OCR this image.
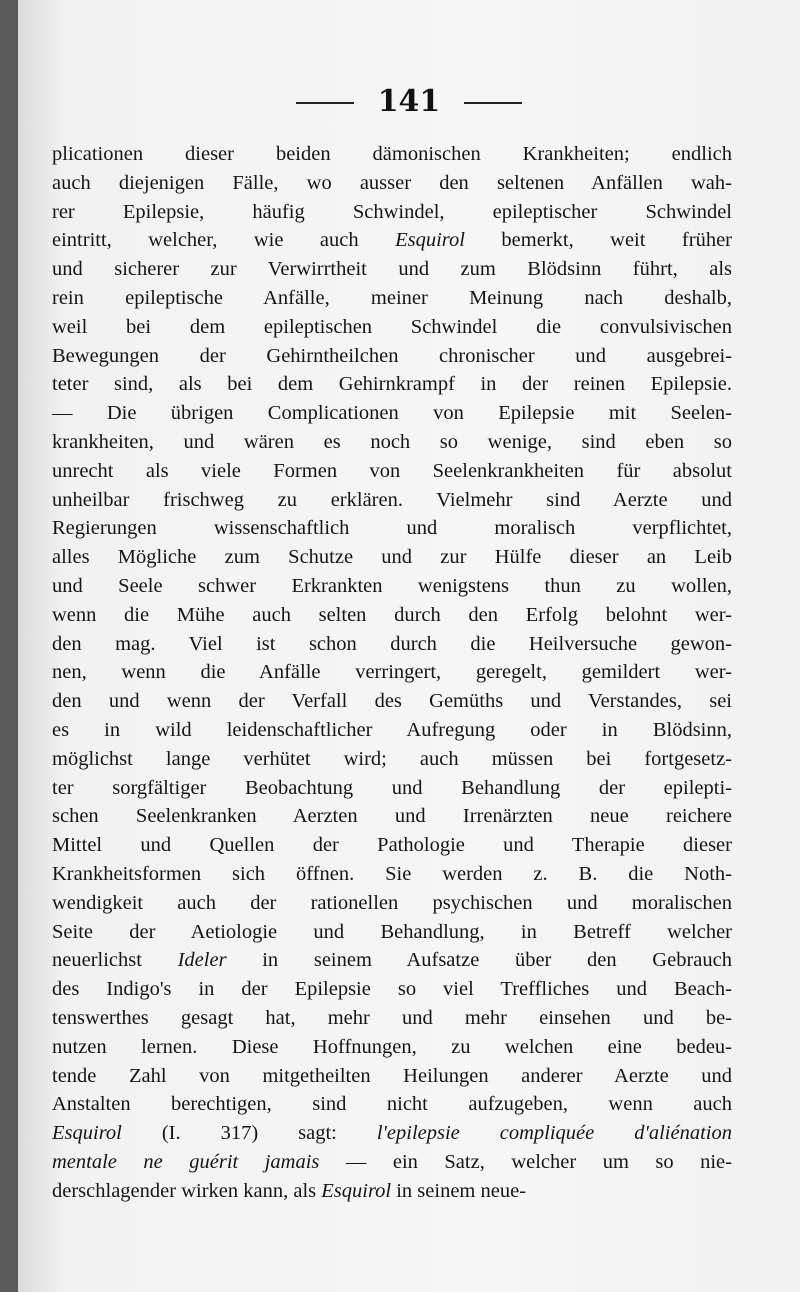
141
plicationen dieser beiden dämonischen Krankheiten; endlich
auch diejenigen Fälle, wo ausser den seltenen Anfällen wah-
rer Epilepsie, häufig Schwindel, epileptischer Schwindel
eintritt, welcher, wie auch Esquirol bemerkt, weit früher
und sicherer zur Verwirrtheit und zum Blödsinn führt, als
rein epileptische Anfälle, meiner Meinung nach deshalb,
weil bei dem epileptischen Schwindel die convulsivischen
Bewegungen der Gehirntheilchen chronischer und ausgebrei-
teter sind, als bei dem Gehirnkrampf in der reinen Epilepsie.
— Die übrigen Complicationen von Epilepsie mit Seelen-
krankheiten, und wären es noch so wenige, sind eben so
unrecht als viele Formen von Seelenkrankheiten für absolut
unheilbar frischweg zu erklären. Vielmehr sind Aerzte und
Regierungen wissenschaftlich und moralisch verpflichtet,
alles Mögliche zum Schutze und zur Hülfe dieser an Leib
und Seele schwer Erkrankten wenigstens thun zu wollen,
wenn die Mühe auch selten durch den Erfolg belohnt wer-
den mag. Viel ist schon durch die Heilversuche gewon-
nen, wenn die Anfälle verringert, geregelt, gemildert wer-
den und wenn der Verfall des Gemüths und Verstandes, sei
es in wild leidenschaftlicher Aufregung oder in Blödsinn,
möglichst lange verhütet wird; auch müssen bei fortgesetz-
ter sorgfältiger Beobachtung und Behandlung der epilepti-
schen Seelenkranken Aerzten und Irrenärzten neue reichere
Mittel und Quellen der Pathologie und Therapie dieser
Krankheitsformen sich öffnen. Sie werden z. B. die Noth-
wendigkeit auch der rationellen psychischen und moralischen
Seite der Aetiologie und Behandlung, in Betreff welcher
neuerlichst Ideler in seinem Aufsatze über den Gebrauch
des Indigo's in der Epilepsie so viel Treffliches und Beach-
tenswerthes gesagt hat, mehr und mehr einsehen und be-
nutzen lernen. Diese Hoffnungen, zu welchen eine bedeu-
tende Zahl von mitgetheilten Heilungen anderer Aerzte und
Anstalten berechtigen, sind nicht aufzugeben, wenn auch
Esquirol (I. 317) sagt: l'epilepsie compliquée d'aliénation
mentale ne guérit jamais — ein Satz, welcher um so nie-
derschlagender wirken kann, als Esquirol in seinem neue-
